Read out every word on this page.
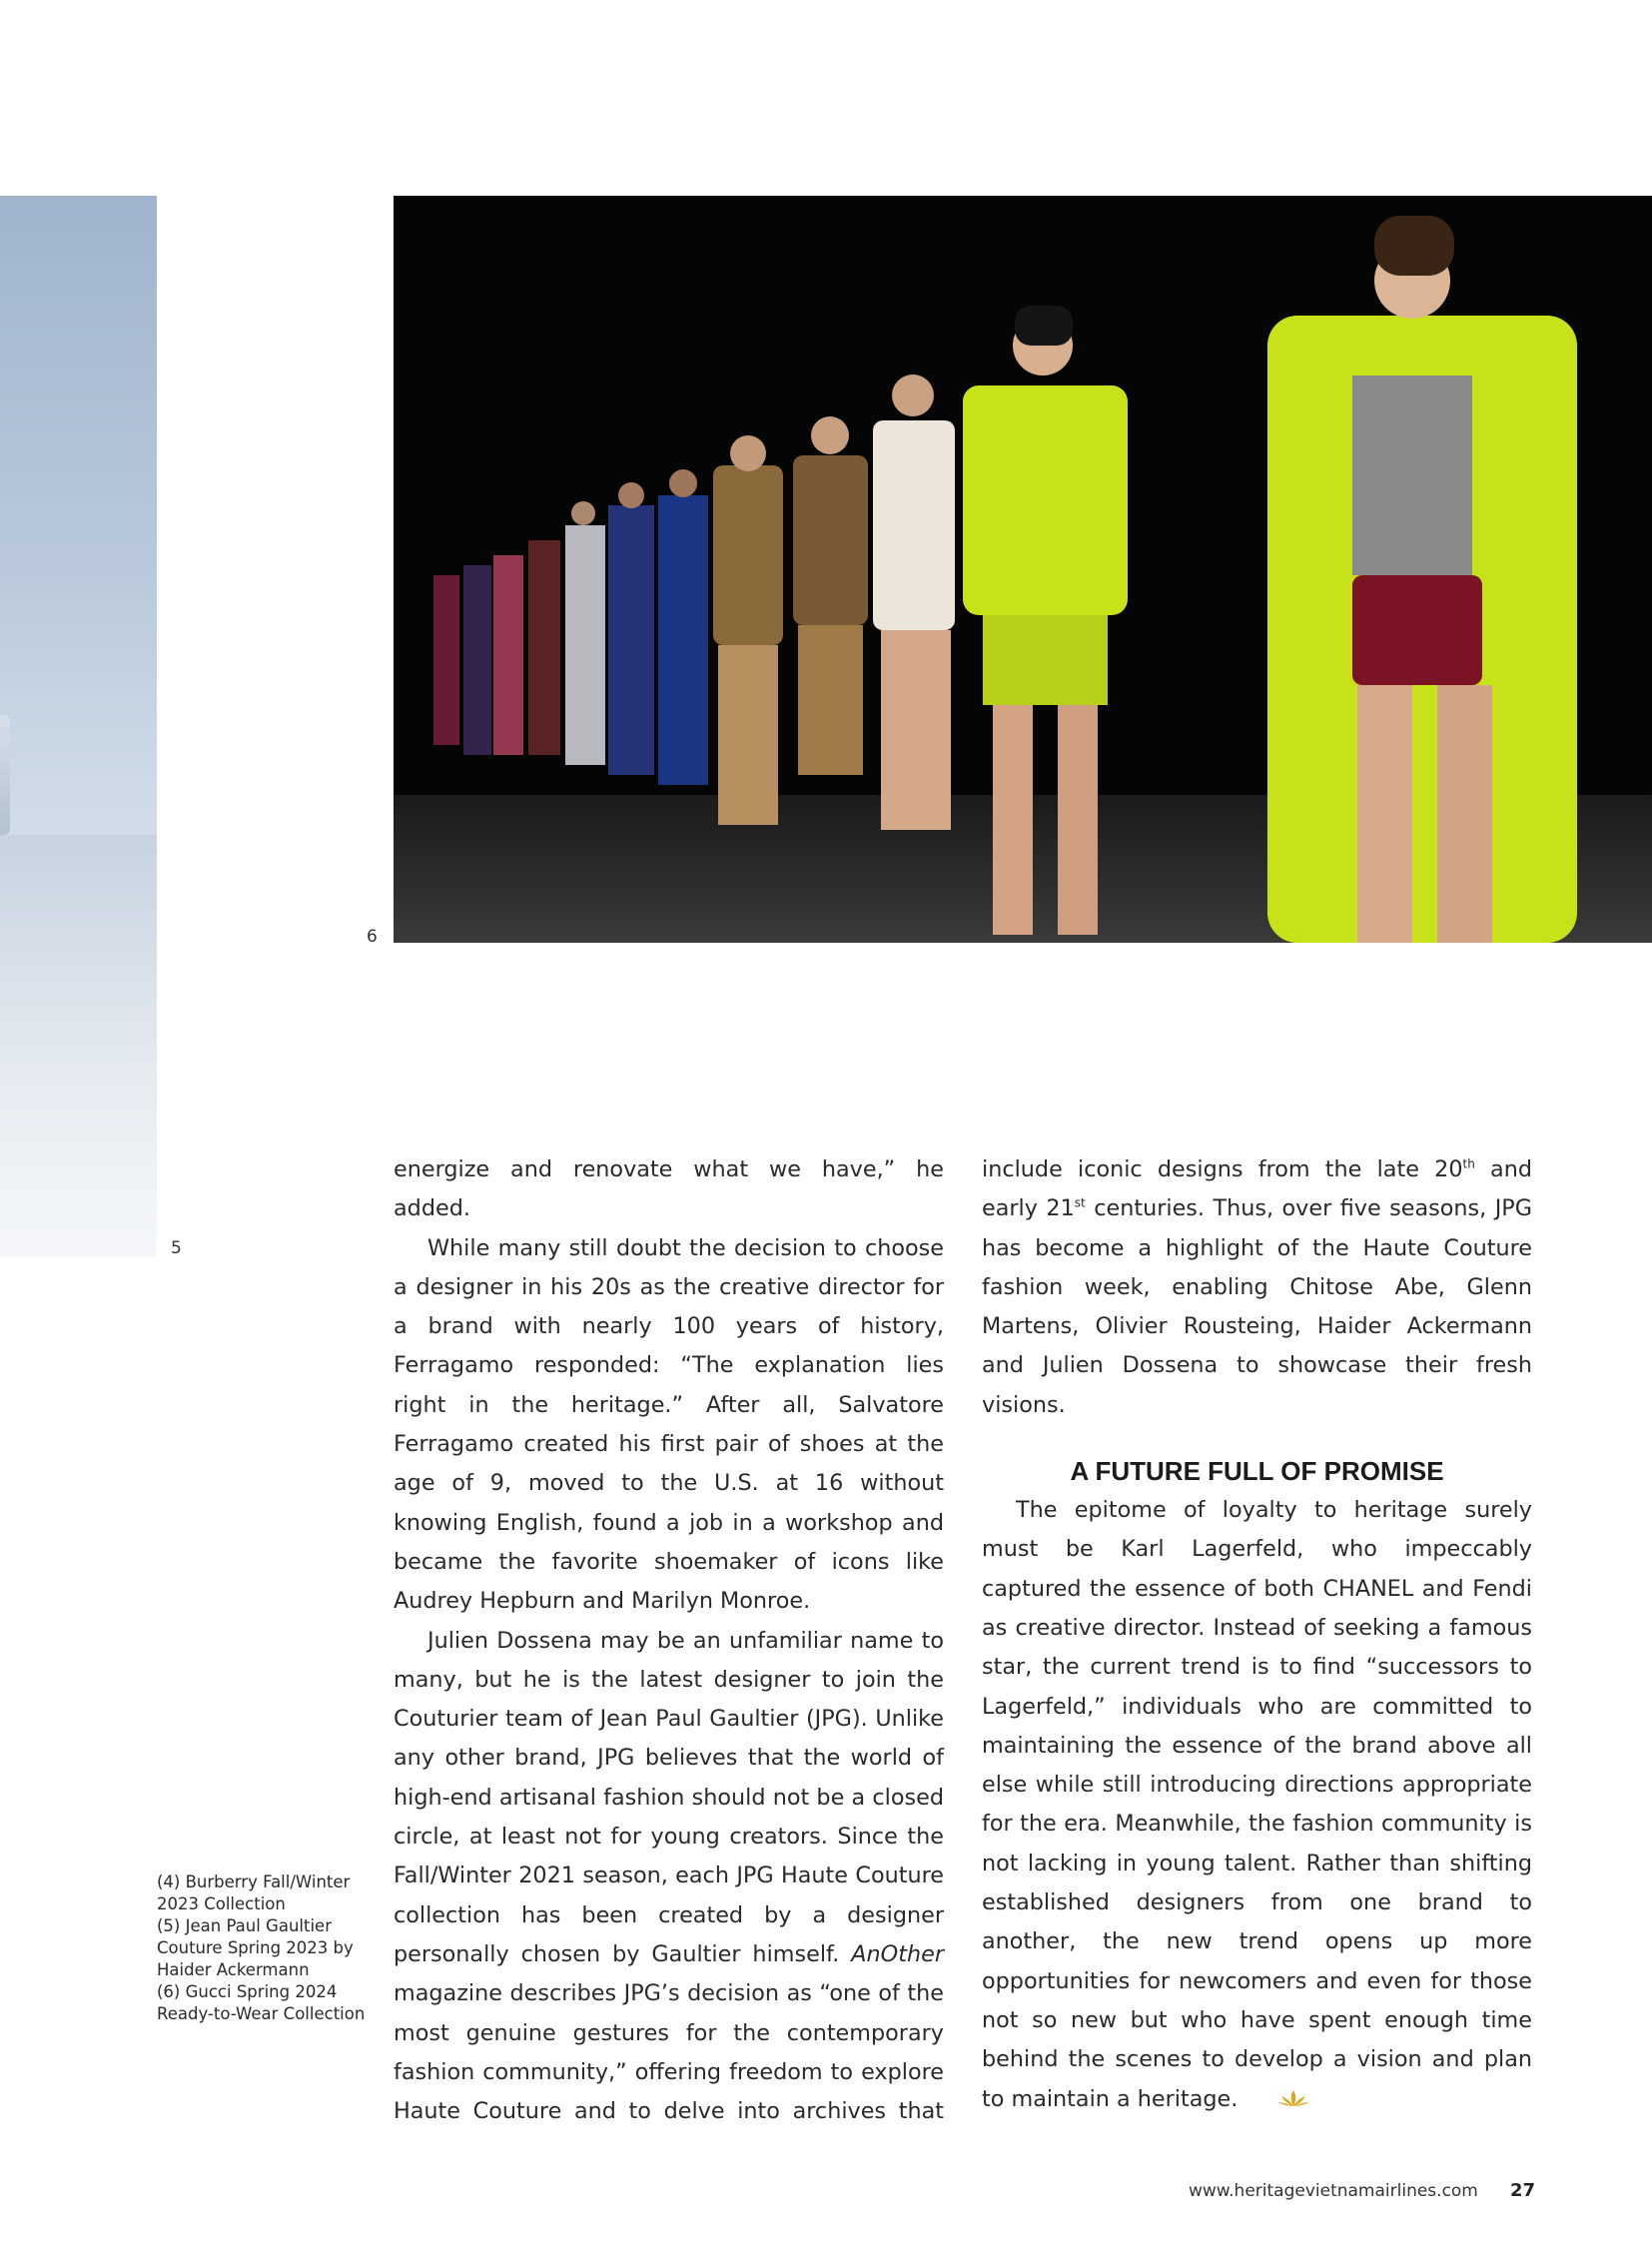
5
6

energize and renovate what we have,” he added.

While many still doubt the decision to choose a designer in his 20s as the creative director for a brand with nearly 100 years of history, Ferragamo responded: “The explanation lies right in the heritage.” After all, Salvatore Ferragamo created his first pair of shoes at the age of 9, moved to the U.S. at 16 without knowing English, found a job in a workshop and became the favorite shoemaker of icons like Audrey Hepburn and Marilyn Monroe.

Julien Dossena may be an unfamiliar name to many, but he is the latest designer to join the Couturier team of Jean Paul Gaultier (JPG). Unlike any other brand, JPG believes that the world of high-end artisanal fashion should not be a closed circle, at least not for young creators. Since the Fall/Winter 2021 season, each JPG Haute Couture collection has been created by a designer personally chosen by Gaultier himself. AnOther magazine describes JPG’s decision as “one of the most genuine gestures for the contemporary fashion community,” offering freedom to explore Haute Couture and to delve into archives that

include iconic designs from the late 20th and early 21st centuries. Thus, over five seasons, JPG has become a highlight of the Haute Couture fashion week, enabling Chitose Abe, Glenn Martens, Olivier Rousteing, Haider Ackermann and Julien Dossena to showcase their fresh visions.

A FUTURE FULL OF PROMISE

The epitome of loyalty to heritage surely must be Karl Lagerfeld, who impeccably captured the essence of both CHANEL and Fendi as creative director. Instead of seeking a famous star, the current trend is to find “successors to Lagerfeld,” individuals who are committed to maintaining the essence of the brand above all else while still introducing directions appropriate for the era. Meanwhile, the fashion community is not lacking in young talent. Rather than shifting established designers from one brand to another, the new trend opens up more opportunities for newcomers and even for those not so new but who have spent enough time behind the scenes to develop a vision and plan to maintain a heritage.

(4) Burberry Fall/Winter 2023 Collection
(5) Jean Paul Gaultier Couture Spring 2023 by Haider Ackermann
(6) Gucci Spring 2024 Ready-to-Wear Collection
www.heritagevietnamairlines.com 27
